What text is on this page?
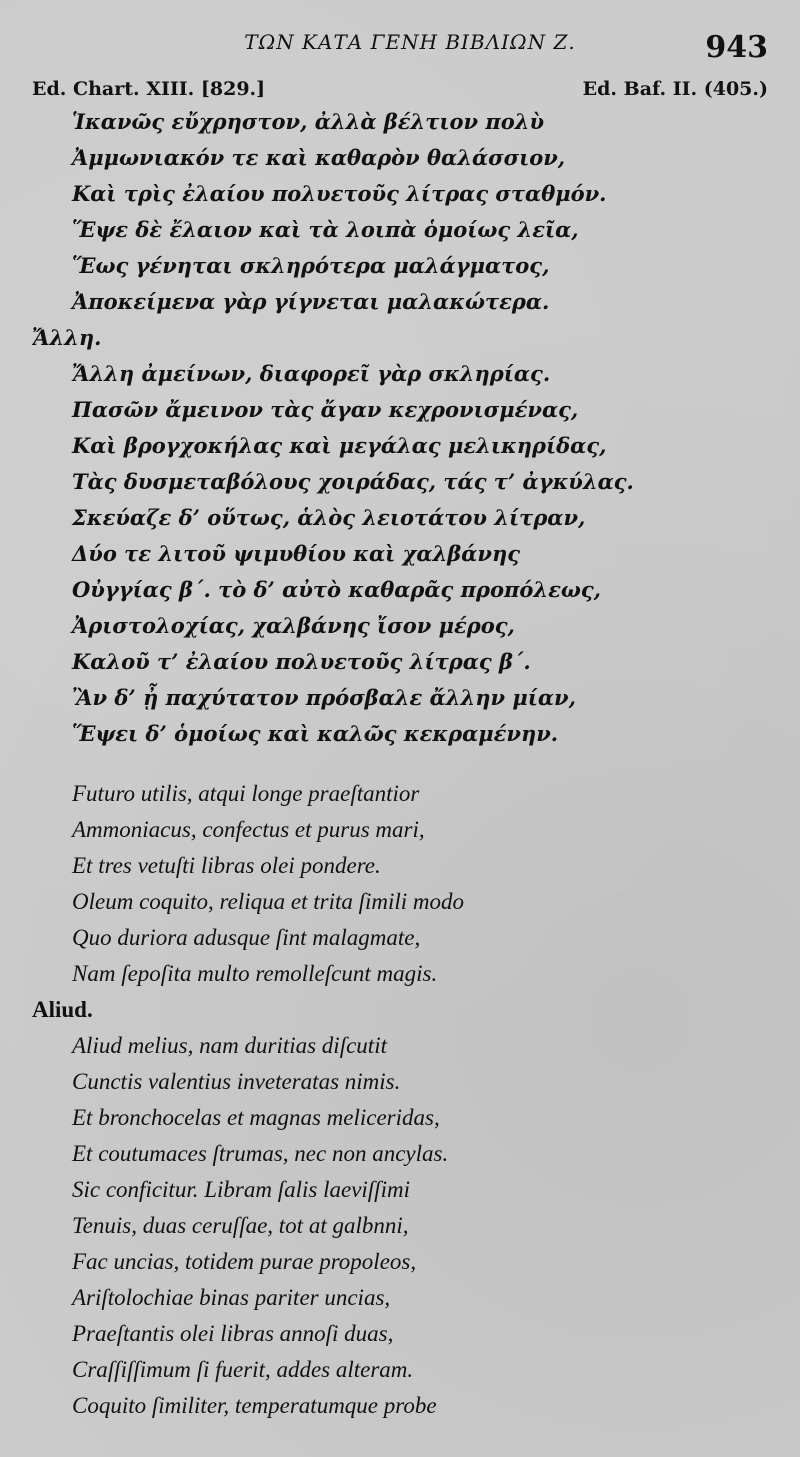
ΤΩΝ ΚΑΤΑ ΓΕΝΗ ΒΙΒΛΙΩΝ Ζ.	943
Ed. Chart. XIII. [829.]	Ed. Baf. II. (405.)
Ἱκανῶς εὔχρηστον, ἀλλὰ βέλτιον πολὺ
Ἀμμωνιακόν τε καὶ καθαρὸν θαλάσσιον,
Καὶ τρὶς ἐλαίου πολυετοῦς λίτρας σταθμόν.
Ἕψε δὲ ἔλαιον καὶ τὰ λοιπὰ ὁμοίως λεῖα,
Ἕως γένηται σκληρότερα μαλάγματος,
Ἀποκείμενα γὰρ γίγνεται μαλακώτερα.
Ἄλλη.
Ἄλλη ἀμείνων, διαφορεῖ γὰρ σκληρίας.
Πασῶν ἄμεινον τὰς ἄγαν κεχρονισμένας,
Καὶ βρογχοκήλας καὶ μεγάλας μελικηρίδας,
Τὰς δυσμεταβόλους χοιράδας, τάς τ’ ἀγκύλας.
Σκεύαζε δ’ οὕτως, ἁλὸς λειοτάτου λίτραν,
Δύο τε λιτοῦ ψιμυθίου καὶ χαλβάνης
Οὐγγίας β΄. τὸ δ’ αὐτὸ καθαρᾶς προπόλεως,
Ἀριστολοχίας, χαλβάνης ἴσον μέρος,
Καλοῦ τ’ ἐλαίου πολυετοῦς λίτρας β΄.
Ἂν δ’ ᾖ παχύτατον πρόσβαλε ἄλλην μίαν,
Ἕψει δ’ ὁμοίως καὶ καλῶς κεκραμένην.
Futuro utilis, atqui longe praeſtantior
Ammoniacus, confectus et purus mari,
Et tres vetuſti libras olei pondere.
Oleum coquito, reliqua et trita ſimili modo
Quo duriora adusque ſint malagmate,
Nam ſepoſita multo remolleſcunt magis.
Aliud.
Aliud melius, nam duritias diſcutit
Cunctis valentius inveteratas nimis.
Et bronchocelas et magnas meliceridas,
Et coutumaces ſtrumas, nec non ancylas.
Sic conficitur. Libram ſalis laeviſſimi
Tenuis, duas ceruſſae, tot at galbnni,
Fac uncias, totidem purae propoleos,
Ariſtolochiae binas pariter uncias,
Praeſtantis olei libras annoſi duas,
Craſſiſſimum ſi fuerit, addes alteram.
Coquito ſimiliter, temperatumque probe
